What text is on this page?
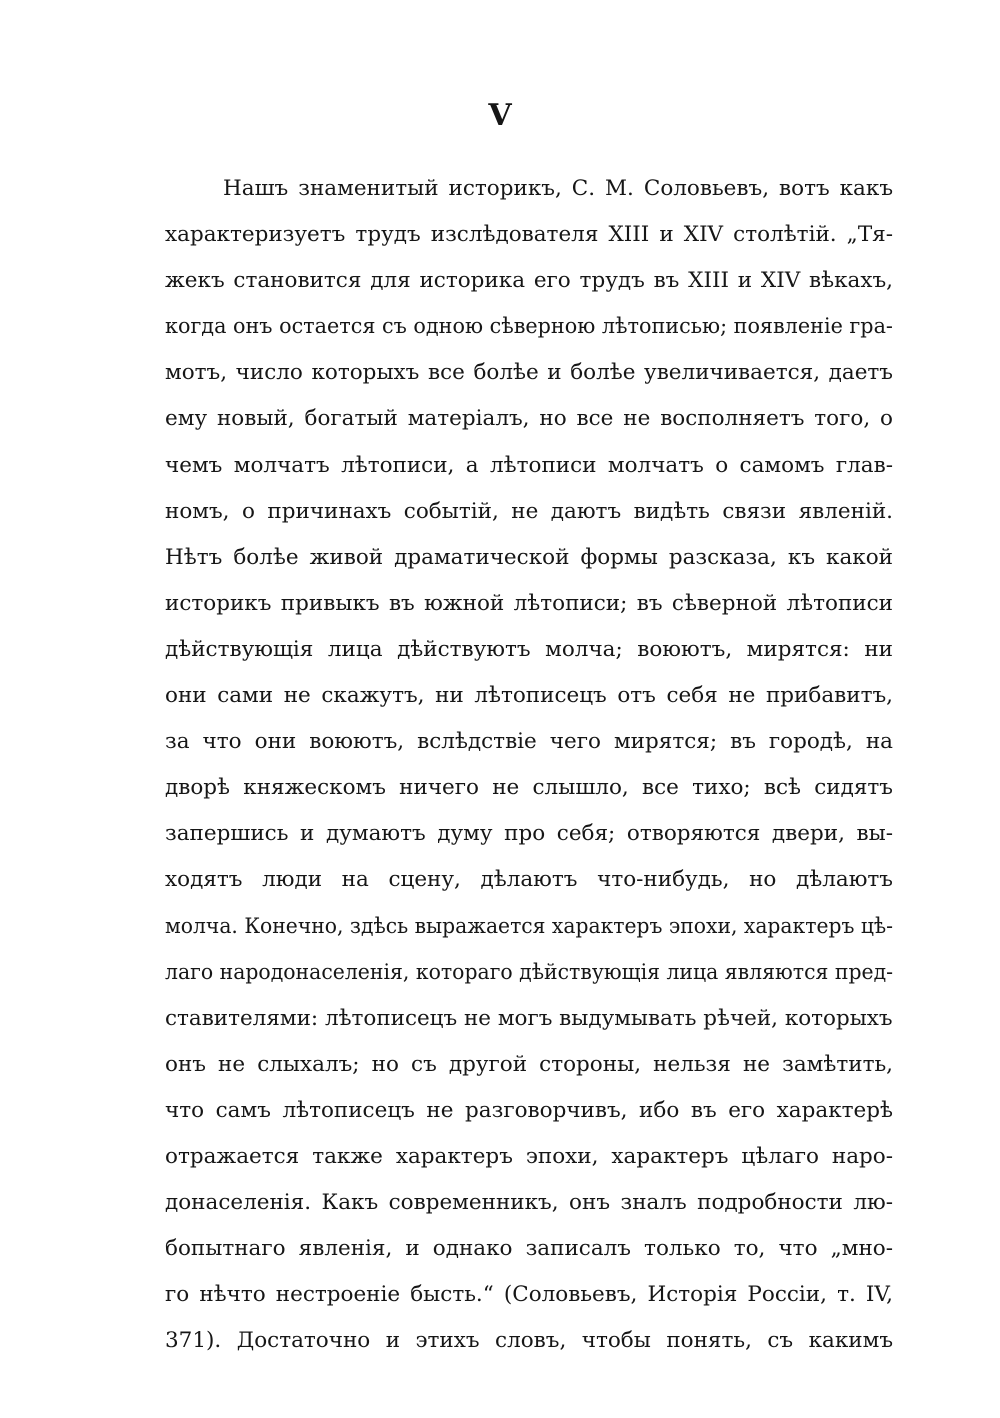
V
Нашъ знаменитый историкъ, С. М. Соловьевъ, вотъ какъ
характеризуетъ трудъ изслѣдователя XIII и XIV столѣтій. „Тя-
жекъ становится для историка его трудъ въ XIII и XIV вѣкахъ,
когда онъ остается съ одною сѣверною лѣтописью; появленіе гра-
мотъ, число которыхъ все болѣе и болѣе увеличивается, даетъ
ему новый, богатый матеріалъ, но все не восполняетъ того, о
чемъ молчатъ лѣтописи, а лѣтописи молчатъ о самомъ глав-
номъ, о причинахъ событій, не даютъ видѣть связи явленій.
Нѣтъ болѣе живой драматической формы разсказа, къ какой
историкъ привыкъ въ южной лѣтописи; въ сѣверной лѣтописи
дѣйствующія лица дѣйствуютъ молча; воюютъ, мирятся: ни
они сами не скажутъ, ни лѣтописецъ отъ себя не прибавитъ,
за что они воюютъ, вслѣдствіе чего мирятся; въ городѣ, на
дворѣ княжескомъ ничего не слышло, все тихо; всѣ сидятъ
запершись и думаютъ думу про себя; отворяются двери, вы-
ходятъ люди на сцену, дѣлаютъ что-нибудь, но дѣлаютъ
молча. Конечно, здѣсь выражается характеръ эпохи, характеръ цѣ-
лаго народонаселенія, котораго дѣйствующія лица являются пред-
ставителями: лѣтописецъ не могъ выдумывать рѣчей, которыхъ
онъ не слыхалъ; но съ другой стороны, нельзя не замѣтить,
что самъ лѣтописецъ не разговорчивъ, ибо въ его характерѣ
отражается также характеръ эпохи, характеръ цѣлаго наро-
донаселенія. Какъ современникъ, онъ зналъ подробности лю-
бопытнаго явленія, и однако записалъ только то, что „мно-
го нѣчто нестроеніе бысть.“ (Соловьевъ, Исторія Россіи, т. IV,
371). Достаточно и этихъ словъ, чтобы понять, съ какимъ
